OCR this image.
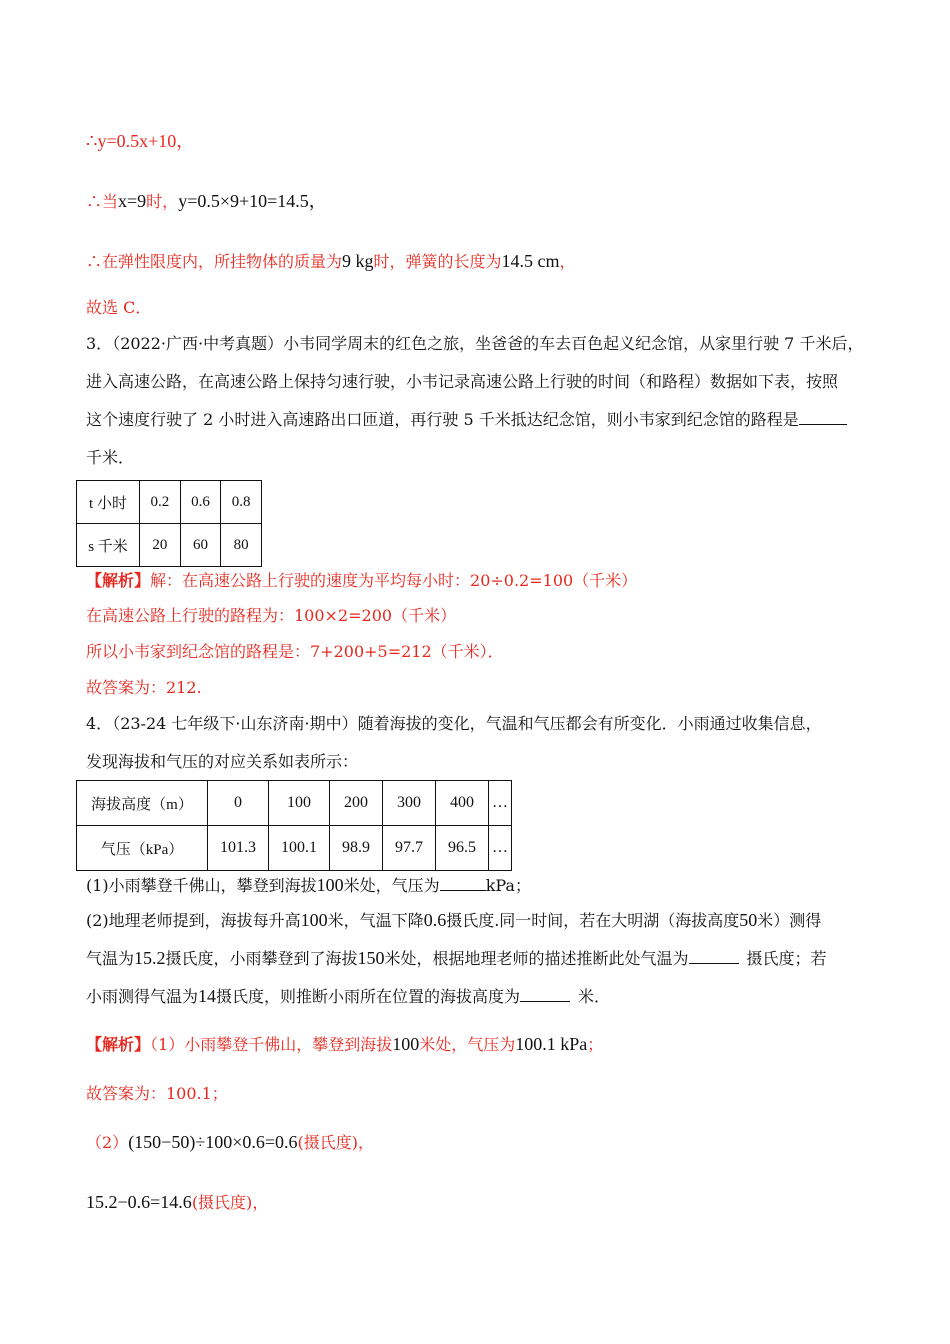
∴y=0.5x+10，
∴当x=9时，y=0.5×9+10=14.5，
∴在弹性限度内，所挂物体的质量为9 kg时，弹簧的长度为14.5 cm，
故选 C．
3．（2022·广西·中考真题）小韦同学周末的红色之旅，坐爸爸的车去百色起义纪念馆，从家里行驶 7 千米后，
进入高速公路，在高速公路上保持匀速行驶，小韦记录高速公路上行驶的时间（和路程）数据如下表，按照
这个速度行驶了 2 小时进入高速路出口匝道，再行驶 5 千米抵达纪念馆，则小韦家到纪念馆的路程是
千米．
t 小时	0.2	0.6	0.8
s 千米	20	60	80
【解析】解：在高速公路上行驶的速度为平均每小时：20÷0.2=100（千米）
在高速公路上行驶的路程为：100×2=200（千米）
所以小韦家到纪念馆的路程是：7+200+5=212（千米）．
故答案为：212.
4．（23-24 七年级下·山东济南·期中）随着海拔的变化，气温和气压都会有所变化．小雨通过收集信息，
发现海拔和气压的对应关系如表所示：
海拔高度（m）	0	100	200	300	400	…
气压（kPa）	101.3	100.1	98.9	97.7	96.5	…
(1)小雨攀登千佛山，攀登到海拔100米处，气压为	kPa；
(2)地理老师提到，海拔每升高100米，气温下降0.6摄氏度.同一时间，若在大明湖（海拔高度50米）测得
气温为15.2摄氏度，小雨攀登到了海拔150米处，根据地理老师的描述推断此处气温为	摄氏度；若
小雨测得气温为14摄氏度，则推断小雨所在位置的海拔高度为	米．
【解析】（1）小雨攀登千佛山，攀登到海拔100米处，气压为100.1 kPa；
故答案为：100.1；
（2）(150−50)÷100×0.6=0.6(摄氏度)，
15.2−0.6=14.6(摄氏度)，
